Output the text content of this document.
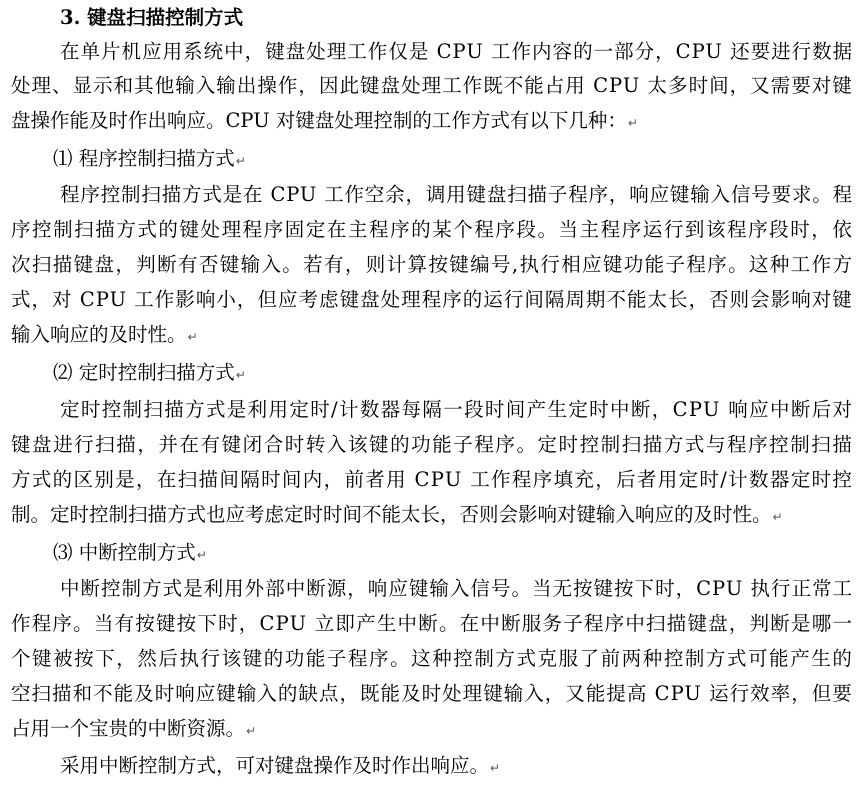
3. 键盘扫描控制方式
在单片机应用系统中，键盘处理工作仅是 CPU 工作内容的一部分，CPU 还要进行数据
处理、显示和其他输入输出操作，因此键盘处理工作既不能占用 CPU 太多时间，又需要对键
盘操作能及时作出响应。CPU 对键盘处理控制的工作方式有以下几种：↵
⑴ 程序控制扫描方式↵
程序控制扫描方式是在 CPU 工作空余，调用键盘扫描子程序，响应键输入信号要求。程
序控制扫描方式的键处理程序固定在主程序的某个程序段。当主程序运行到该程序段时，依
次扫描键盘，判断有否键输入。若有，则计算按键编号,执行相应键功能子程序。这种工作方
式，对 CPU 工作影响小，但应考虑键盘处理程序的运行间隔周期不能太长，否则会影响对键
输入响应的及时性。↵
⑵ 定时控制扫描方式↵
定时控制扫描方式是利用定时/计数器每隔一段时间产生定时中断，CPU 响应中断后对
键盘进行扫描，并在有键闭合时转入该键的功能子程序。定时控制扫描方式与程序控制扫描
方式的区别是，在扫描间隔时间内，前者用 CPU 工作程序填充，后者用定时/计数器定时控
制。定时控制扫描方式也应考虑定时时间不能太长，否则会影响对键输入响应的及时性。↵
⑶ 中断控制方式↵
中断控制方式是利用外部中断源，响应键输入信号。当无按键按下时，CPU 执行正常工
作程序。当有按键按下时，CPU 立即产生中断。在中断服务子程序中扫描键盘，判断是哪一
个键被按下，然后执行该键的功能子程序。这种控制方式克服了前两种控制方式可能产生的
空扫描和不能及时响应键输入的缺点，既能及时处理键输入，又能提高 CPU 运行效率，但要
占用一个宝贵的中断资源。↵
采用中断控制方式，可对键盘操作及时作出响应。↵
